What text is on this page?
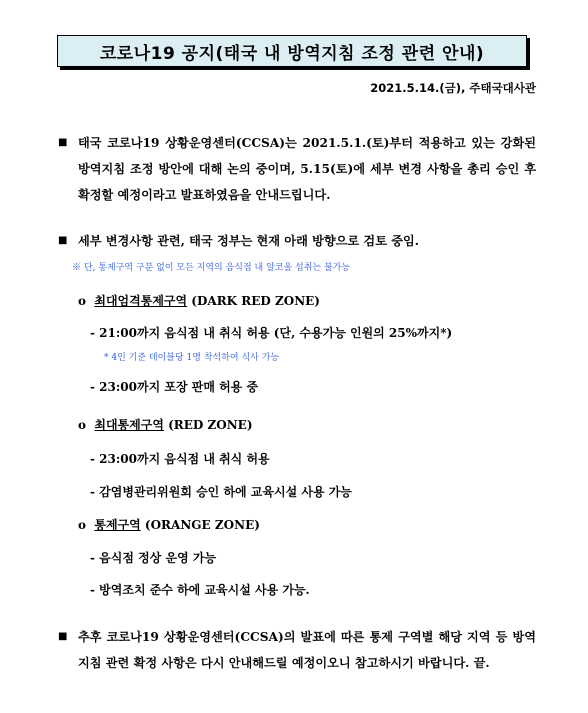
코로나19 공지(태국 내 방역지침 조정 관련 안내)
2021.5.14.(금), 주태국대사관
■ 태국 코로나19 상황운영센터(CCSA)는 2021.5.1.(토)부터 적용하고 있는 강화된 방역지침 조정 방안에 대해 논의 중이며, 5.15(토)에 세부 변경 사항을 총리 승인 후 확정할 예정이라고 발표하였음을 안내드립니다.
■ 세부 변경사항 관련, 태국 정부는 현재 아래 방향으로 검토 중임.
※ 단, 통제구역 구분 없이 모든 지역의 음식점 내 알코올 섭취는 불가능
o 최대엄격통제구역 (DARK RED ZONE)
- 21:00까지 음식점 내 취식 허용 (단, 수용가능 인원의 25%까지*)
* 4인 기준 테이블당 1명 착석하여 식사 가능
- 23:00까지 포장 판매 허용 중
o 최대통제구역 (RED ZONE)
- 23:00까지 음식점 내 취식 허용
- 감염병관리위원회 승인 하에 교육시설 사용 가능
o 통제구역 (ORANGE ZONE)
- 음식점 정상 운영 가능
- 방역조치 준수 하에 교육시설 사용 가능.
■ 추후 코로나19 상황운영센터(CCSA)의 발표에 따른 통제 구역별 해당 지역 등 방역지침 관련 확정 사항은 다시 안내해드릴 예정이오니 참고하시기 바랍니다. 끝.
